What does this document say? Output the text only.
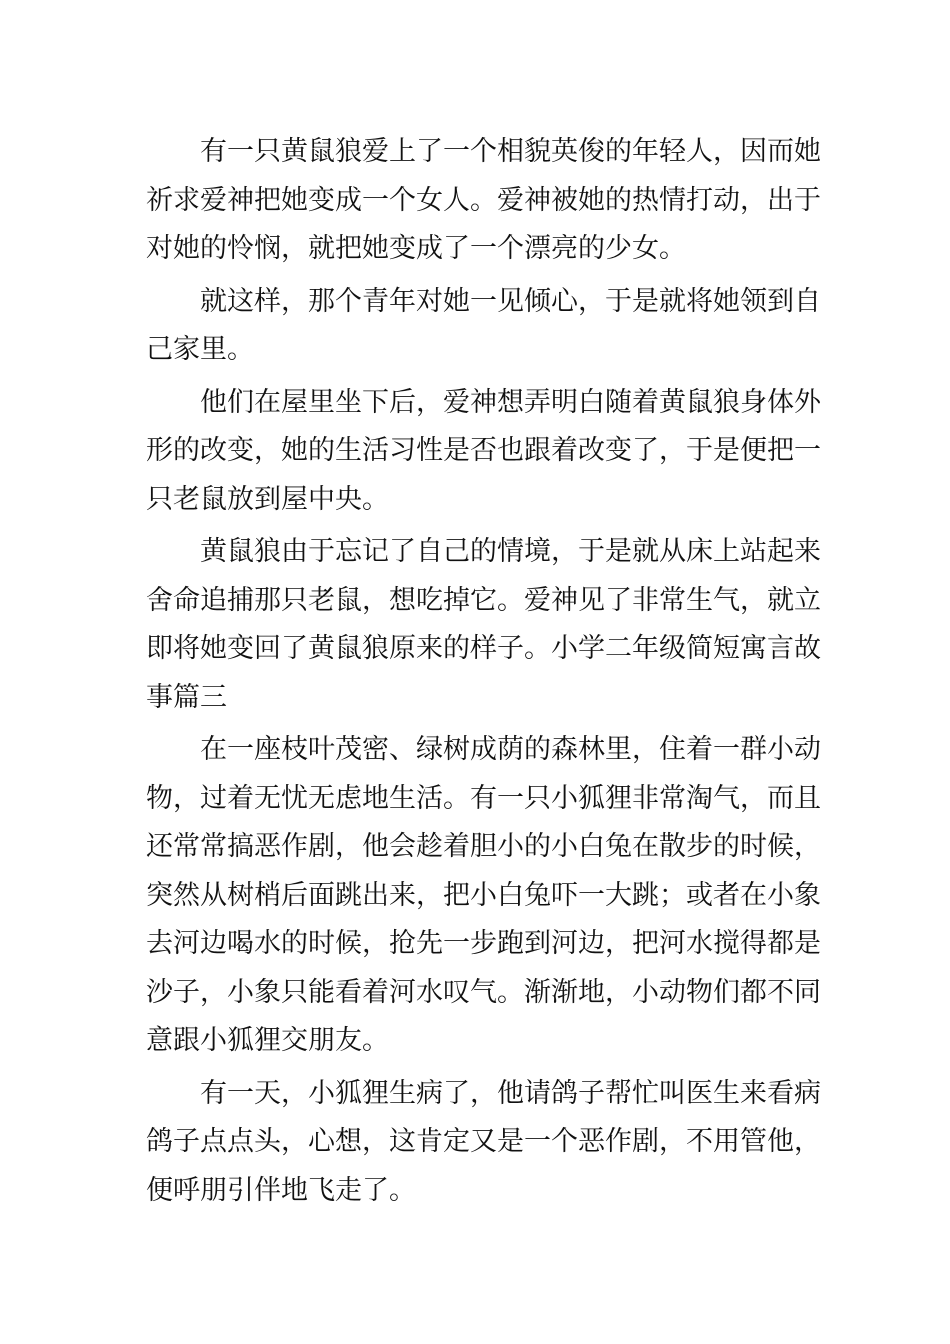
有一只黄鼠狼爱上了一个相貌英俊的年轻人，因而她
祈求爱神把她变成一个女人。爱神被她的热情打动，出于
对她的怜悯，就把她变成了一个漂亮的少女。
就这样，那个青年对她一见倾心，于是就将她领到自
己家里。
他们在屋里坐下后，爱神想弄明白随着黄鼠狼身体外
形的改变，她的生活习性是否也跟着改变了，于是便把一
只老鼠放到屋中央。
黄鼠狼由于忘记了自己的情境，于是就从床上站起来
舍命追捕那只老鼠，想吃掉它。爱神见了非常生气，就立
即将她变回了黄鼠狼原来的样子。小学二年级简短寓言故
事篇三
在一座枝叶茂密、绿树成荫的森林里，住着一群小动
物，过着无忧无虑地生活。有一只小狐狸非常淘气，而且
还常常搞恶作剧，他会趁着胆小的小白兔在散步的时候，
突然从树梢后面跳出来，把小白兔吓一大跳；或者在小象
去河边喝水的时候，抢先一步跑到河边，把河水搅得都是
沙子，小象只能看着河水叹气。渐渐地，小动物们都不同
意跟小狐狸交朋友。
有一天，小狐狸生病了，他请鸽子帮忙叫医生来看病
鸽子点点头，心想，这肯定又是一个恶作剧，不用管他，
便呼朋引伴地飞走了。
